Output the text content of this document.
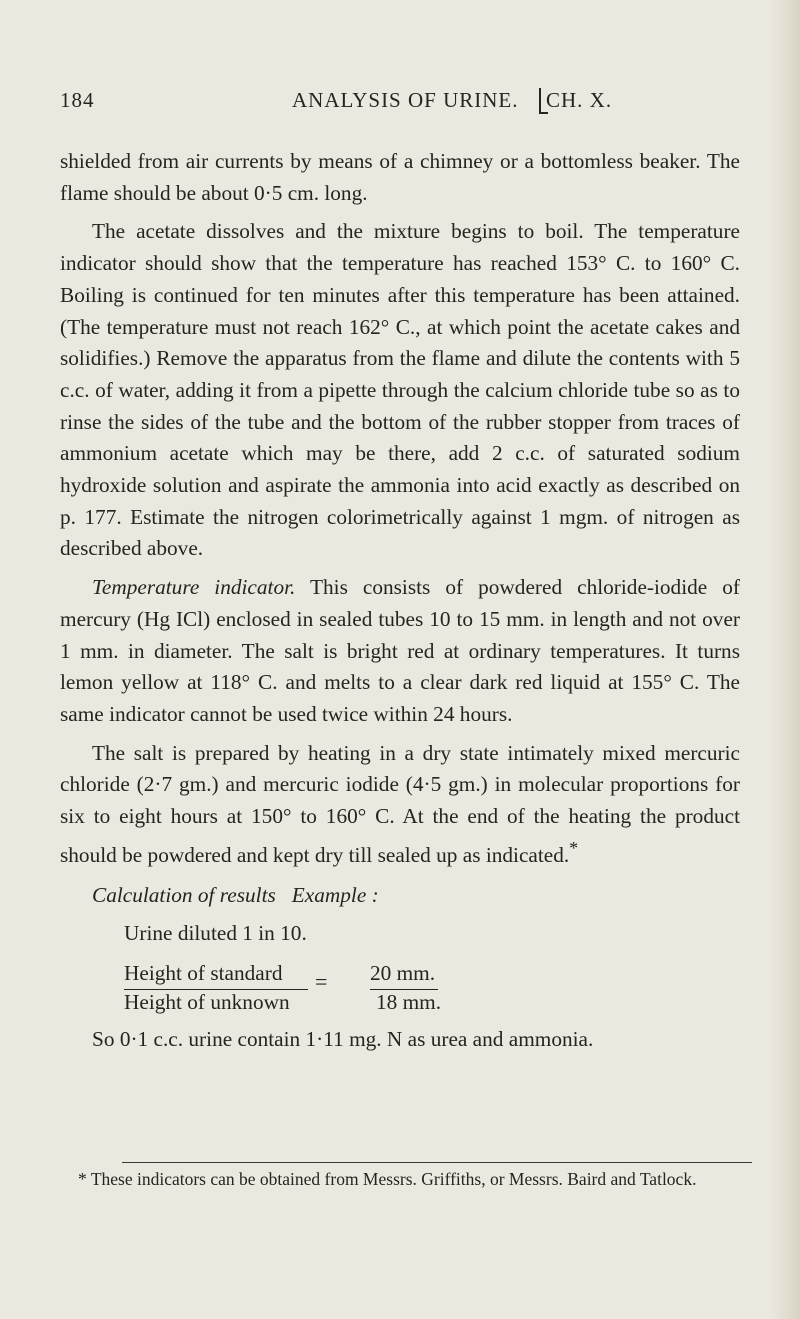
184	ANALYSIS OF URINE. CH. X.

shielded from air currents by means of a chimney or a bottomless beaker. The flame should be about 0·5 cm. long.

The acetate dissolves and the mixture begins to boil. The temperature indicator should show that the temperature has reached 153° C. to 160° C. Boiling is continued for ten minutes after this temperature has been attained. (The temperature must not reach 162° C., at which point the acetate cakes and solidifies.) Remove the apparatus from the flame and dilute the contents with 5 c.c. of water, adding it from a pipette through the calcium chloride tube so as to rinse the sides of the tube and the bottom of the rubber stopper from traces of ammonium acetate which may be there, add 2 c.c. of saturated sodium hydroxide solution and aspirate the ammonia into acid exactly as described on p. 177. Estimate the nitrogen colorimetrically against 1 mgm. of nitrogen as described above.

Temperature indicator. This consists of powdered chloride-iodide of mercury (Hg ICl) enclosed in sealed tubes 10 to 15 mm. in length and not over 1 mm. in diameter. The salt is bright red at ordinary temperatures. It turns lemon yellow at 118° C. and melts to a clear dark red liquid at 155° C. The same indicator cannot be used twice within 24 hours.

The salt is prepared by heating in a dry state intimately mixed mercuric chloride (2·7 gm.) and mercuric iodide (4·5 gm.) in molecular proportions for six to eight hours at 150° to 160° C. At the end of the heating the product should be powdered and kept dry till sealed up as indicated.*

Calculation of results Example :
Urine diluted 1 in 10.
Height of standard
Height of unknown
= 20 mm.
18 mm.
So 0·1 c.c. urine contain 1·11 mg. N as urea and ammonia.
* These indicators can be obtained from Messrs. Griffiths, or Messrs. Baird and Tatlock.
